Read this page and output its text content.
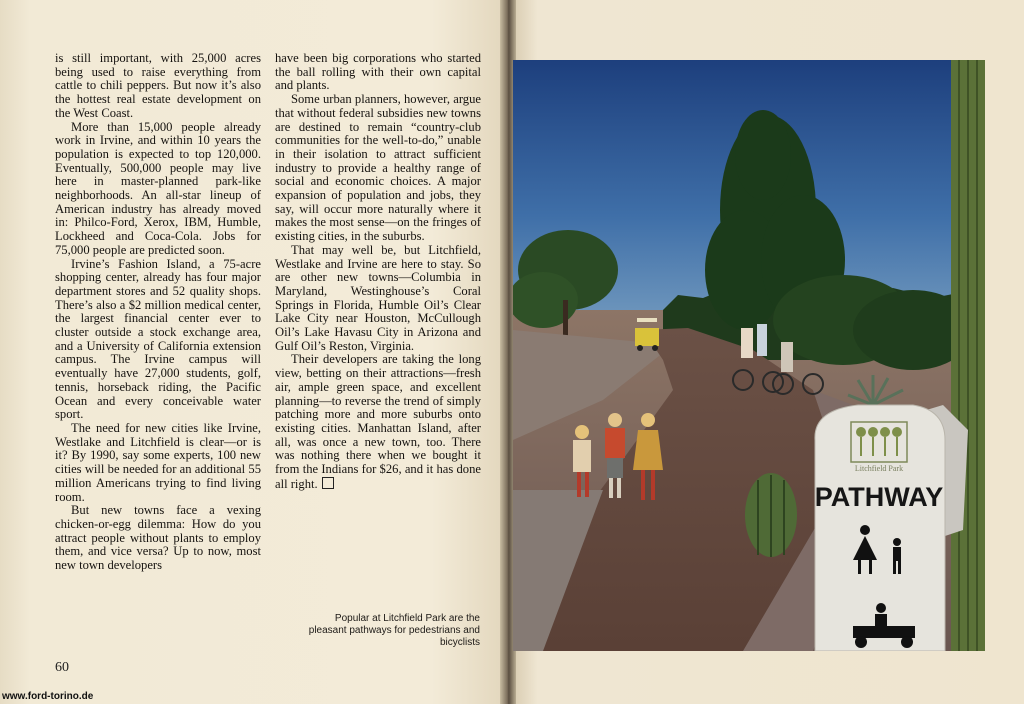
is still important, with 25,000 acres being used to raise everything from cattle to chili peppers. But now it’s also the hottest real estate development on the West Coast.

More than 15,000 people already work in Irvine, and within 10 years the population is expected to top 120,000. Eventually, 500,000 people may live here in master-planned park-like neighborhoods. An all-star lineup of American industry has already moved in: Philco-Ford, Xerox, IBM, Humble, Lockheed and Coca-Cola. Jobs for 75,000 people are predicted soon.

Irvine’s Fashion Island, a 75-acre shopping center, already has four major department stores and 52 quality shops. There’s also a $2 million medical center, the largest financial center ever to cluster outside a stock exchange area, and a University of California extension campus. The Irvine campus will eventually have 27,000 students, golf, tennis, horseback riding, the Pacific Ocean and every conceivable water sport.

The need for new cities like Irvine, Westlake and Litchfield is clear—or is it? By 1990, say some experts, 100 new cities will be needed for an additional 55 million Americans trying to find living room.

But new towns face a vexing chicken-or-egg dilemma: How do you attract people without plants to employ them, and vice versa? Up to now, most new town developers

have been big corporations who started the ball rolling with their own capital and plants.

Some urban planners, however, argue that without federal subsidies new towns are destined to remain “country-club communities for the well-to-do,” unable in their isolation to attract sufficient industry to provide a healthy range of social and economic choices. A major expansion of population and jobs, they say, will occur more naturally where it makes the most sense—on the fringes of existing cities, in the suburbs.

That may well be, but Litchfield, Westlake and Irvine are here to stay. So are other new towns—Columbia in Maryland, Westinghouse’s Coral Springs in Florida, Humble Oil’s Clear Lake City near Houston, McCullough Oil’s Lake Havasu City in Arizona and Gulf Oil’s Reston, Virginia.

Their developers are taking the long view, betting on their attractions—fresh air, ample green space, and excellent planning—to reverse the trend of simply patching more and more suburbs onto existing cities. Manhattan Island, after all, was once a new town, too. There was nothing there when we bought it from the Indians for $26, and it has done all right.

Popular at Litchfield Park are the pleasant pathways for pedestrians and bicyclists
60
www.ford-torino.de
Litchfield Park
PATHWAY
